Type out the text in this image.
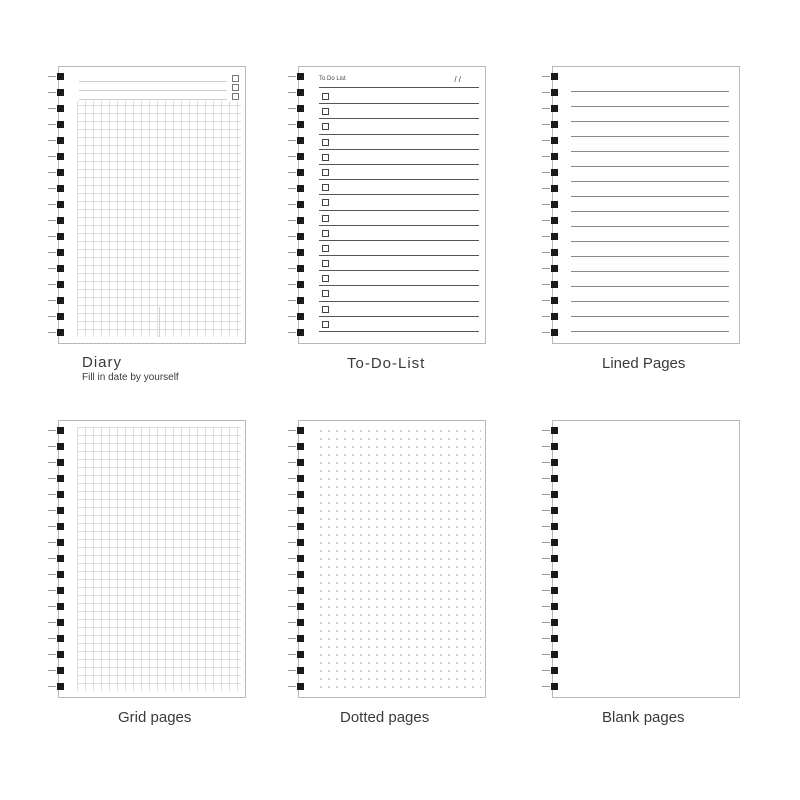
To Do List	/ /
Diary
Fill in date by yourself
To-Do-List	Lined Pages
Grid pages	Dotted pages	Blank pages
